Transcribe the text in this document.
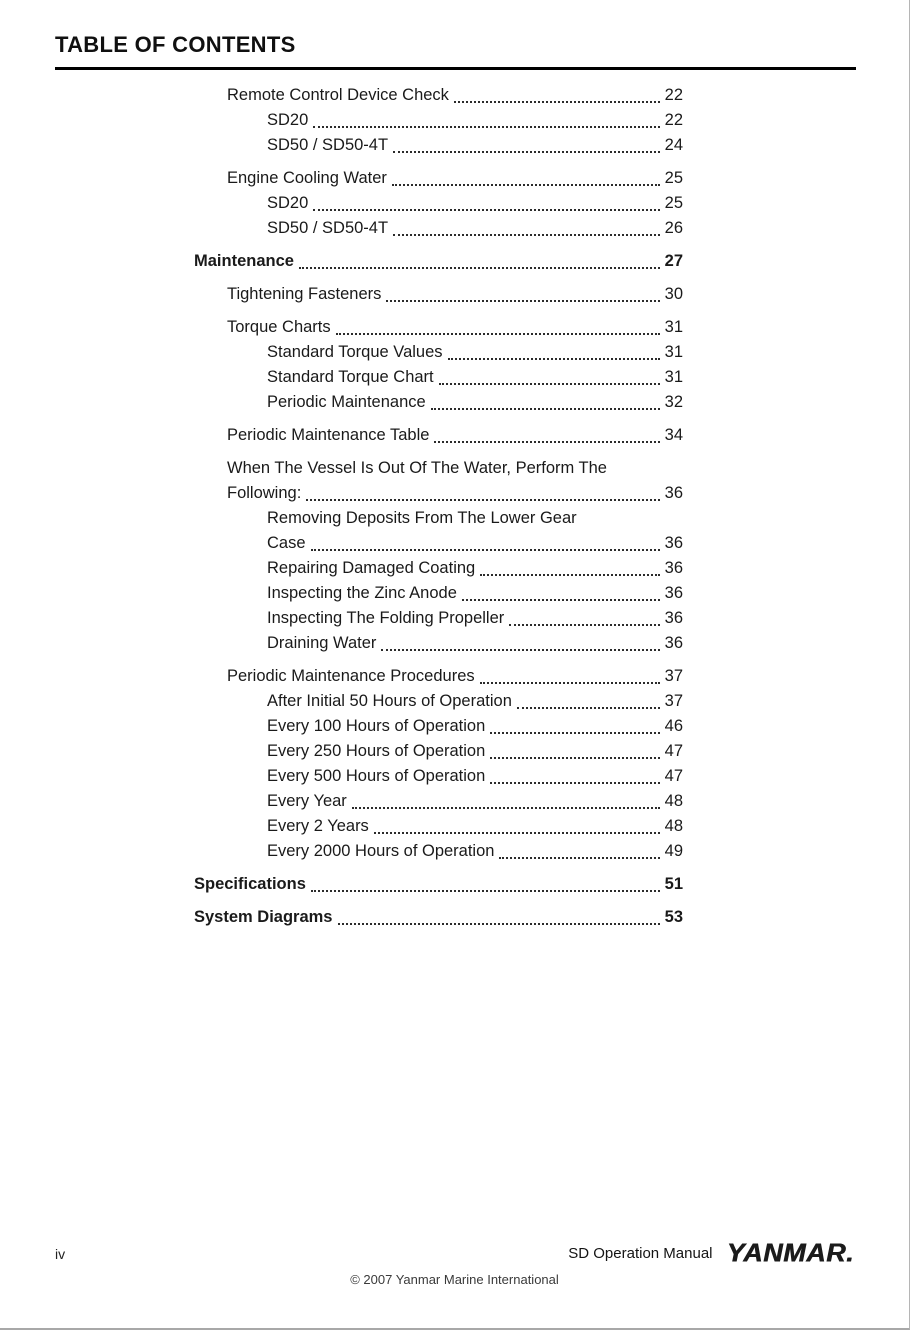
TABLE OF CONTENTS
Remote Control Device Check	22
SD20	22
SD50 / SD50-4T	24
Engine Cooling Water	25
SD20	25
SD50 / SD50-4T	26
Maintenance	27
Tightening Fasteners	30
Torque Charts	31
Standard Torque Values	31
Standard Torque Chart	31
Periodic Maintenance	32
Periodic Maintenance Table	34
When The Vessel Is Out Of The Water, Perform The
Following:	36
Removing Deposits From The Lower Gear
Case	36
Repairing Damaged Coating	36
Inspecting the Zinc Anode	36
Inspecting The Folding Propeller	36
Draining Water	36
Periodic Maintenance Procedures	37
After Initial 50 Hours of Operation	37
Every 100 Hours of Operation	46
Every 250 Hours of Operation	47
Every 500 Hours of Operation	47
Every Year	48
Every 2 Years	48
Every 2000 Hours of Operation	49
Specifications	51
System Diagrams	53
iv	SD Operation Manual YANMAR.
© 2007 Yanmar Marine International
